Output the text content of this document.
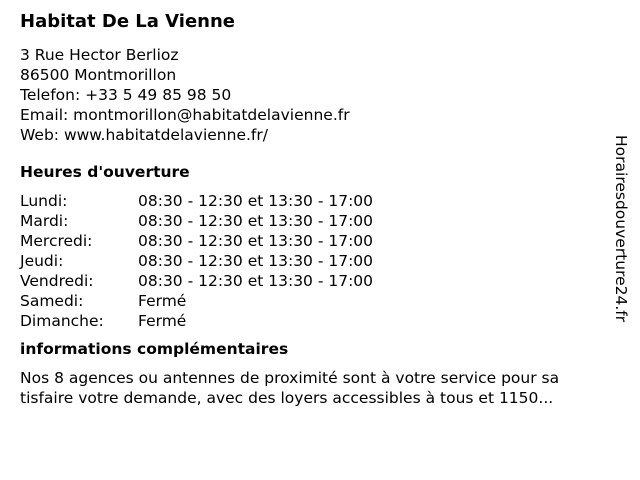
Habitat De La Vienne
3 Rue Hector Berlioz
86500 Montmorillon
Telefon: +33 5 49 85 98 50
Email: montmorillon@habitatdelavienne.fr
Web: www.habitatdelavienne.fr/
Heures d'ouverture
Lundi:	08:30 - 12:30 et 13:30 - 17:00
Mardi:	08:30 - 12:30 et 13:30 - 17:00
Mercredi:	08:30 - 12:30 et 13:30 - 17:00
Jeudi:	08:30 - 12:30 et 13:30 - 17:00
Vendredi:	08:30 - 12:30 et 13:30 - 17:00
Samedi:	Fermé
Dimanche:	Fermé
informations complémentaires

Nos 8 agences ou antennes de proximité sont à votre service pour sa
tisfaire votre demande, avec des loyers accessibles à tous et 1150...

Horairesdouverture24.fr
